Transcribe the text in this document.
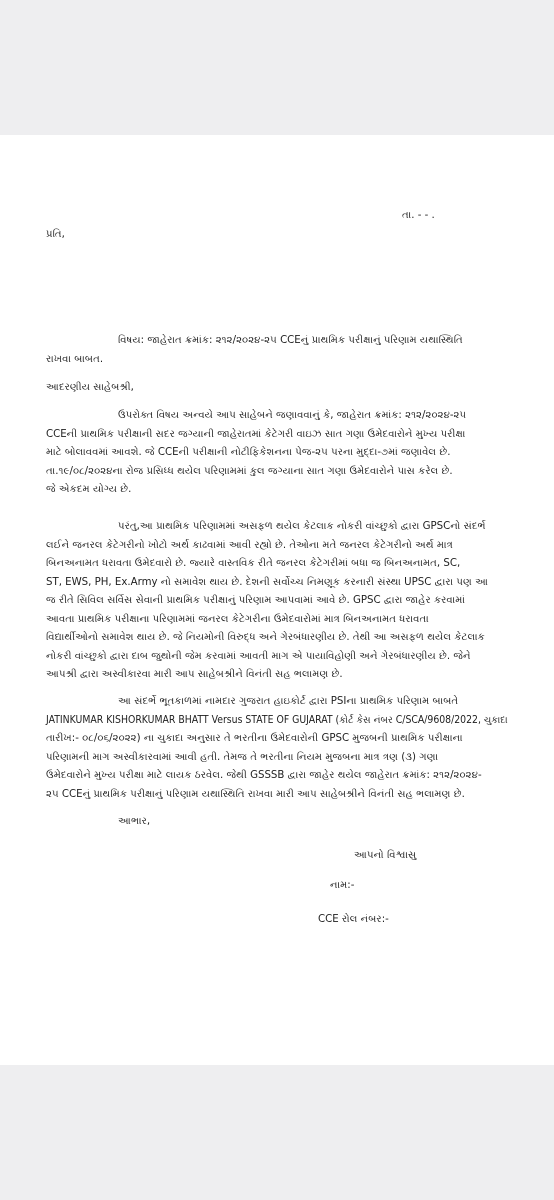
તા. - - .
પ્રતિ,
વિષય: જાહેરાત ક્રમાંક: ૨૧૨/૨૦૨૪-૨૫ CCEનું પ્રાથમિક પરીક્ષાનું પરિણામ યથાસ્થિતિ
રાખવા બાબત.
આદરણીય સાહેબશ્રી,
ઉપરોક્ત વિષય અન્વયે આપ સાહેબને જણાવવાનું કે, જાહેરાત ક્રમાંક: ૨૧૨/૨૦૨૪-૨૫
CCEની પ્રાથમિક પરીક્ષાની સદર જગ્યાની જાહેરાતમાં કેટેગરી વાઇઝ સાત ગણા ઉમેદવારોને મુખ્ય પરીક્ષા
માટે બોલાવવમાં આવશે. જે CCEની પરીક્ષાની નોટીફિકેશનના પેજ-૨૫ પરના મુદ્દા-૭માં જણાવેલ છે.
તા.૧૯/૦૮/૨૦૨૪ના રોજ પ્રસિધ્ધ થયેલ પરિણામમાં કુલ જગ્યાના સાત ગણા ઉમેદવારોને પાસ કરેલ છે.
જે એકદમ યોગ્ય છે.
પરંતુ,આ પ્રાથમિક પરિણામમાં અસફળ થયેલ કેટલાક નોકરી વાંચ્છુકો દ્વારા GPSCનો સંદર્ભ
લઈને જનરલ કેટેગરીનો ખોટો અર્થ કાઢવામાં આવી રહ્યો છે. તેઓના મતે જનરલ કેટેગરીનો અર્થ માત્ર
બિનઅનામત ધરાવતા ઉમેદવારો છે. જ્યારે વાસ્તવિક રીતે જનરલ કેટેગરીમાં બધા જ બિનઅનામત, SC,
ST, EWS, PH, Ex.Army નો સમાવેશ થાય છે. દેશની સર્વોચ્ચ નિમણૂક કરનારી સંસ્થા UPSC દ્વારા પણ આ
જ રીતે સિવિલ સર્વિસ સેવાની પ્રાથમિક પરીક્ષાનું પરિણામ આપવામાં આવે છે. GPSC દ્વારા જાહેર કરવામાં
આવતા પ્રાથમિક પરીક્ષાના પરિણામમાં જનરલ કેટેગરીના ઉમેદવારોમાં માત્ર બિનઅનામત ધરાવતા
વિદ્યાર્થીઓનો સમાવેશ થાય છે. જે નિયમોની વિરુદ્ધ અને ગેરબંધારણીય છે. તેથી આ અસફળ થયેલ કેટલાક
નોકરી વાંચ્છુકો દ્વારા દાબ જુથોની જેમ કરવામાં આવતી માગ એ પાયાવિહોણી અને ગેરબંધારણીય છે. જેને
આપશ્રી દ્વારા અસ્વીકારવા મારી આપ સાહેબશ્રીને વિનંતી સહ ભલામણ છે.
આ સંદર્ભે ભૂતકાળમાં નામદાર ગુજરાત હાઇકોર્ટ દ્વારા PSIના પ્રાથમિક પરિણામ બાબતે
JATINKUMAR KISHORKUMAR BHATT Versus STATE OF GUJARAT (કોર્ટ કેસ નંબર C/SCA/9608/2022, ચુકાદા
તારીખ:- ૦૮/૦૬/૨૦૨૨) ના ચુકાદા અનુસાર તે ભરતીના ઉમેદવારોની GPSC મુજબની પ્રાથમિક પરીક્ષાના
પરિણામની માગ અસ્વીકારવામાં આવી હતી. તેમજ તે ભરતીના નિયમ મુજબના માત્ર ત્રણ (૩) ગણા
ઉમેદવારોને મુખ્ય પરીક્ષા માટે લાયક ઠરવેલ. જેથી GSSSB દ્વારા જાહેર થયેલ જાહેરાત ક્રમાંક: ૨૧૨/૨૦૨૪-
૨૫ CCEનું પ્રાથમિક પરીક્ષાનું પરિણામ યથાસ્થિતિ રાખવા મારી આપ સાહેબશ્રીને વિનંતી સહ ભલામણ છે.
આભાર,
આપનો વિશ્વાસુ
નામ:-
CCE રોલ નંબર:-
